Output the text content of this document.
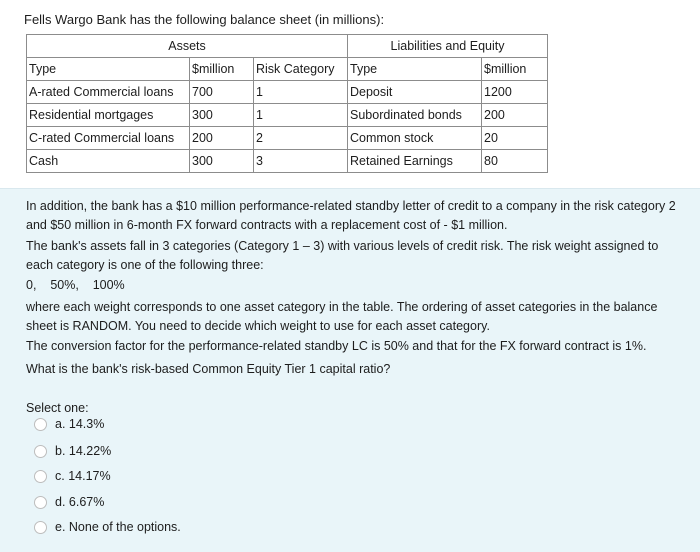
Fells Wargo Bank has the following balance sheet (in millions):
Assets			Liabilities and Equity	
Type	$million	Risk Category	Type	$million
A-rated Commercial loans	700	1	Deposit	1200
Residential mortgages	300	1	Subordinated bonds	200
C-rated Commercial loans	200	2	Common stock	20
Cash	300	3	Retained Earnings	80
In addition, the bank has a $10 million performance-related standby letter of credit to a company in the risk category 2 and $50 million in 6-month FX forward contracts with a replacement cost of - $1 million.
The bank's assets fall in 3 categories (Category 1 – 3) with various levels of credit risk. The risk weight assigned to each category is one of the following three:
0,    50%,    100%
where each weight corresponds to one asset category in the table. The ordering of asset categories in the balance sheet is RANDOM. You need to decide which weight to use for each asset category.
The conversion factor for the performance-related standby LC is 50% and that for the FX forward contract is 1%.
What is the bank's risk-based Common Equity Tier 1 capital ratio?
Select one:
a. 14.3%
b. 14.22%
c. 14.17%
d. 6.67%
e. None of the options.
